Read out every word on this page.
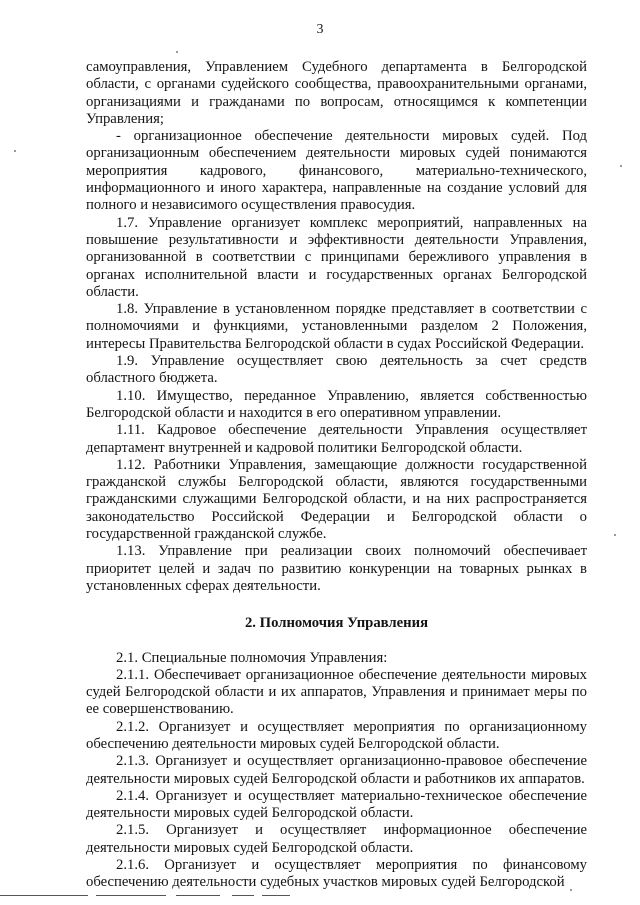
3

самоуправления, Управлением Судебного департамента в Белгородской области, с органами судейского сообщества, правоохранительными органами, организациями и гражданами по вопросам, относящимся к компетенции Управления;

- организационное обеспечение деятельности мировых судей. Под организационным обеспечением деятельности мировых судей понимаются мероприятия кадрового, финансового, материально-технического, информационного и иного характера, направленные на создание условий для полного и независимого осуществления правосудия.

1.7. Управление организует комплекс мероприятий, направленных на повышение результативности и эффективности деятельности Управления, организованной в соответствии с принципами бережливого управления в органах исполнительной власти и государственных органах Белгородской области.

1.8. Управление в установленном порядке представляет в соответствии с полномочиями и функциями, установленными разделом 2 Положения, интересы Правительства Белгородской области в судах Российской Федерации.

1.9. Управление осуществляет свою деятельность за счет средств областного бюджета.

1.10. Имущество, переданное Управлению, является собственностью Белгородской области и находится в его оперативном управлении.

1.11. Кадровое обеспечение деятельности Управления осуществляет департамент внутренней и кадровой политики Белгородской области.

1.12. Работники Управления, замещающие должности государственной гражданской службы Белгородской области, являются государственными гражданскими служащими Белгородской области, и на них распространяется законодательство Российской Федерации и Белгородской области о государственной гражданской службе.

1.13. Управление при реализации своих полномочий обеспечивает приоритет целей и задач по развитию конкуренции на товарных рынках в установленных сферах деятельности.

2. Полномочия Управления

2.1. Специальные полномочия Управления:

2.1.1. Обеспечивает организационное обеспечение деятельности мировых судей Белгородской области и их аппаратов, Управления и принимает меры по ее совершенствованию.

2.1.2. Организует и осуществляет мероприятия по организационному обеспечению деятельности мировых судей Белгородской области.

2.1.3. Организует и осуществляет организационно-правовое обеспечение деятельности мировых судей Белгородской области и работников их аппаратов.

2.1.4. Организует и осуществляет материально-техническое обеспечение деятельности мировых судей Белгородской области.

2.1.5. Организует и осуществляет информационное обеспечение деятельности мировых судей Белгородской области.

2.1.6. Организует и осуществляет мероприятия по финансовому обеспечению деятельности судебных участков мировых судей Белгородской
